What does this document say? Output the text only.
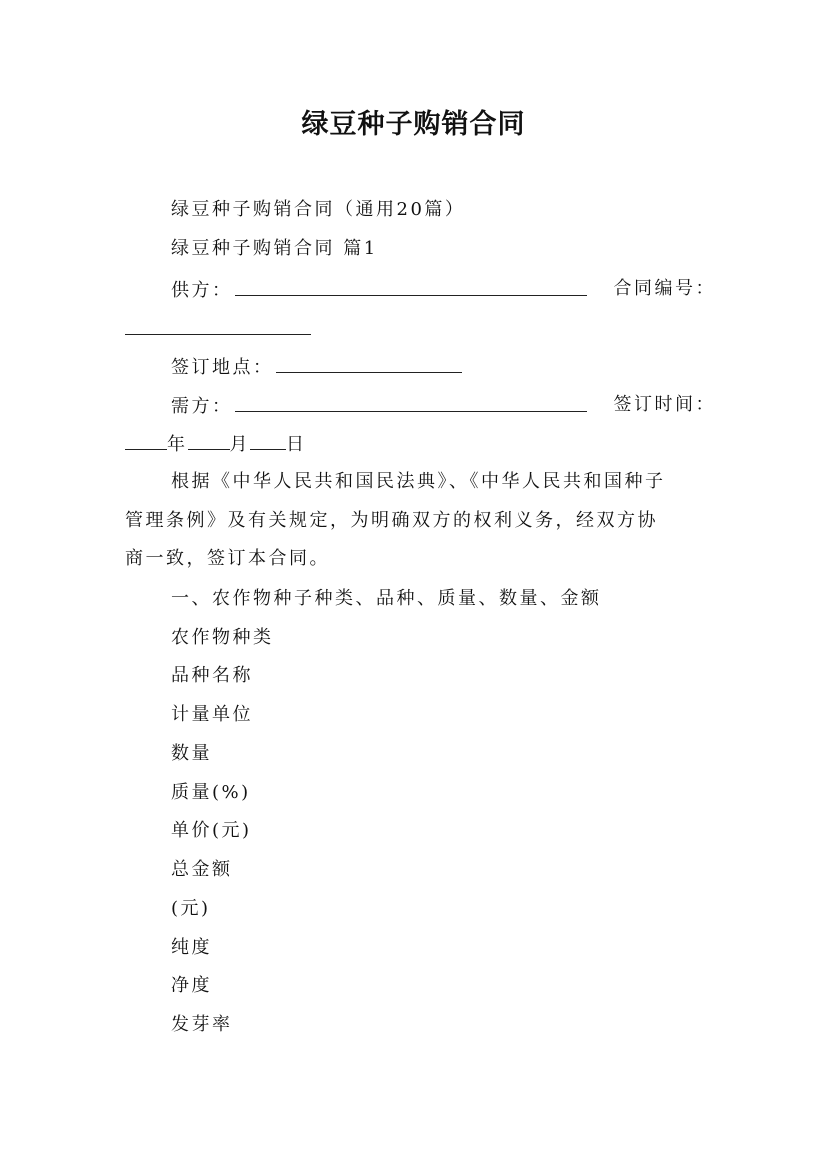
绿豆种子购销合同
绿豆种子购销合同（通用20篇）
绿豆种子购销合同 篇1
供方：	合同编号：
签订地点：
需方：	签订时间：
年 月 日
根据《中华人民共和国民法典》、《中华人民共和国种子
管理条例》及有关规定，为明确双方的权利义务，经双方协
商一致，签订本合同。
一、农作物种子种类、品种、质量、数量、金额
农作物种类
品种名称
计量单位
数量
质量(%)
单价(元)
总金额
(元)
纯度
净度
发芽率
